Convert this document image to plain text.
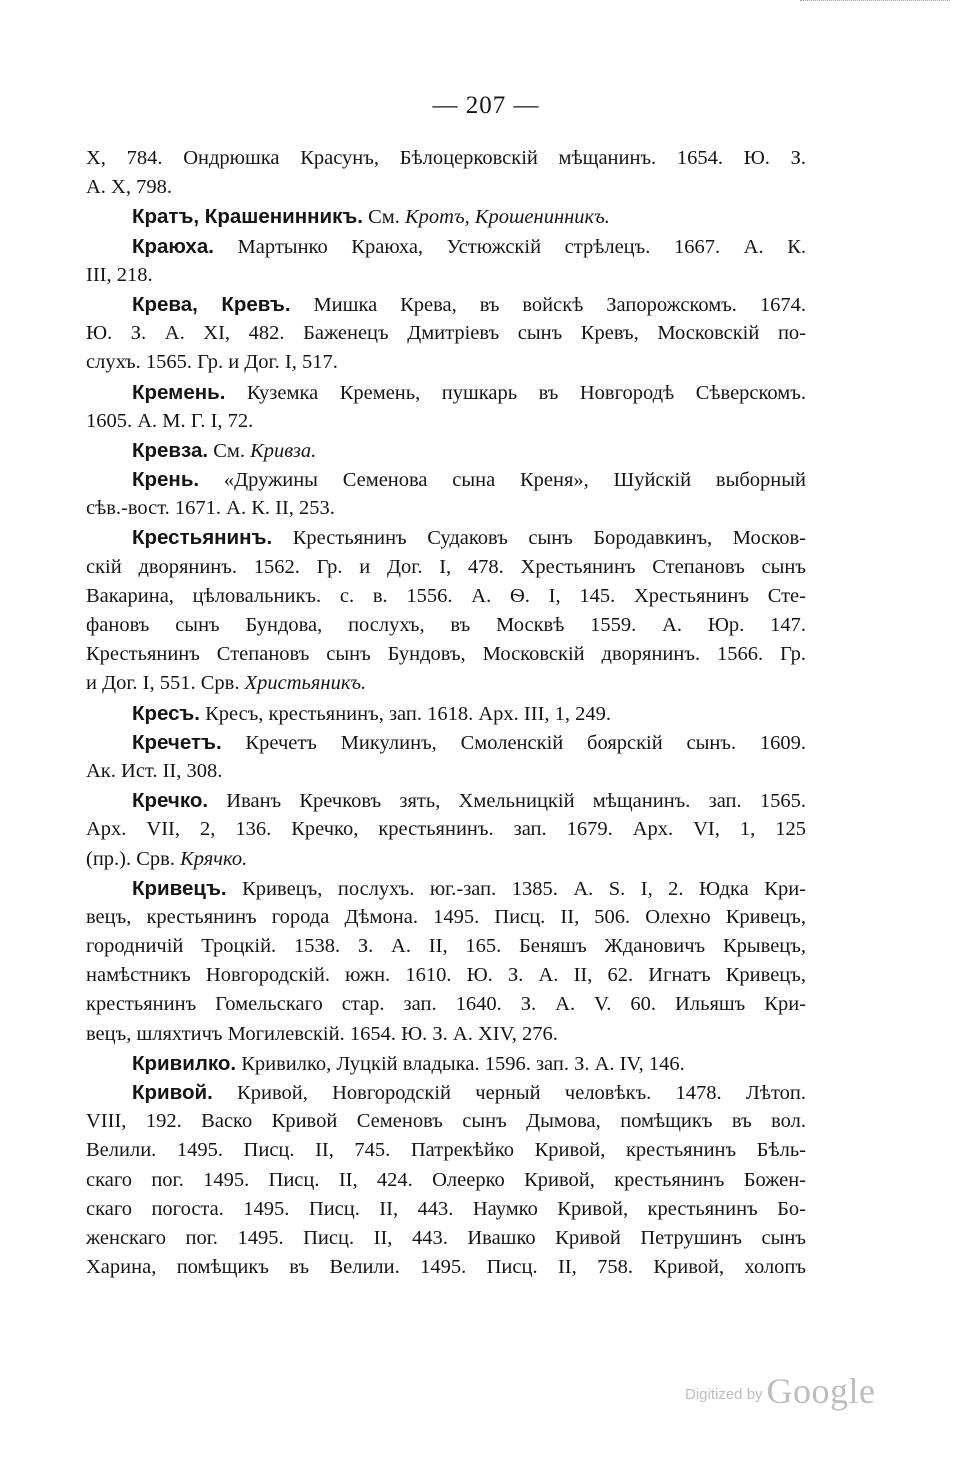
— 207 —
X, 784. Ондрюшка Красунъ, Бѣлоцерковскій мѣщанинъ. 1654. Ю. З.
А. X, 798.
Кратъ, Крашенинникъ. См. Кротъ, Крошенинникъ.
Краюха. Мартынко Краюха, Устюжскій стрѣлецъ. 1667. А. К.
III, 218.
Крева, Кревъ. Мишка Крева, въ войскѣ Запорожскомъ. 1674.
Ю. З. А. XI, 482. Баженецъ Дмитріевъ сынъ Кревъ, Московскій по-
слухъ. 1565. Гр. и Дог. I, 517.
Кремень. Куземка Кремень, пушкарь въ Новгородѣ Сѣверскомъ.
1605. А. М. Г. I, 72.
Кревза. См. Кривза.
Крень. «Дружины Семенова сына Креня», Шуйскій выборный
сѣв.-вост. 1671. А. К. II, 253.
Крестьянинъ. Крестьянинъ Судаковъ сынъ Бородавкинъ, Москов-
скій дворянинъ. 1562. Гр. и Дог. I, 478. Хрестьянинъ Степановъ сынъ
Вакарина, цѣловальникъ. с. в. 1556. А. Ѳ. I, 145. Хрестьянинъ Сте-
фановъ сынъ Бундова, послухъ, въ Москвѣ 1559. А. Юр. 147.
Крестьянинъ Степановъ сынъ Бундовъ, Московскій дворянинъ. 1566. Гр.
и Дог. I, 551. Срв. Христьяникъ.
Кресъ. Кресъ, крестьянинъ, зап. 1618. Арх. III, 1, 249.
Кречетъ. Кречетъ Микулинъ, Смоленскій боярскій сынъ. 1609.
Ак. Ист. II, 308.
Кречко. Иванъ Кречковъ зять, Хмельницкій мѣщанинъ. зап. 1565.
Арх. VII, 2, 136. Кречко, крестьянинъ. зап. 1679. Арх. VI, 1, 125
(пр.). Срв. Крячко.
Кривецъ. Кривецъ, послухъ. юг.-зап. 1385. A. S. I, 2. Юдка Кри-
вецъ, крестьянинъ города Дѣмона. 1495. Писц. II, 506. Олехно Кривецъ,
городничій Троцкій. 1538. З. А. II, 165. Беняшъ Ждановичъ Крывецъ,
намѣстникъ Новгородскій. южн. 1610. Ю. З. А. II, 62. Игнатъ Кривецъ,
крестьянинъ Гомельскаго стар. зап. 1640. З. А. V. 60. Ильяшъ Кри-
вецъ, шляхтичъ Могилевскій. 1654. Ю. З. А. XIV, 276.
Кривилко. Кривилко, Луцкій владыка. 1596. зап. З. А. IV, 146.
Кривой. Кривой, Новгородскій черный человѣкъ. 1478. Лѣтоп.
VIII, 192. Васко Кривой Семеновъ сынъ Дымова, помѣщикъ въ вол.
Велили. 1495. Писц. II, 745. Патрекѣйко Кривой, крестьянинъ Бѣль-
скаго пог. 1495. Писц. II, 424. Олеерко Кривой, крестьянинъ Божен-
скаго погоста. 1495. Писц. II, 443. Наумко Кривой, крестьянинъ Бо-
женскаго пог. 1495. Писц. II, 443. Ивашко Кривой Петрушинъ сынъ
Харина, помѣщикъ въ Велили. 1495. Писц. II, 758. Кривой, холопъ
Digitized by Google
